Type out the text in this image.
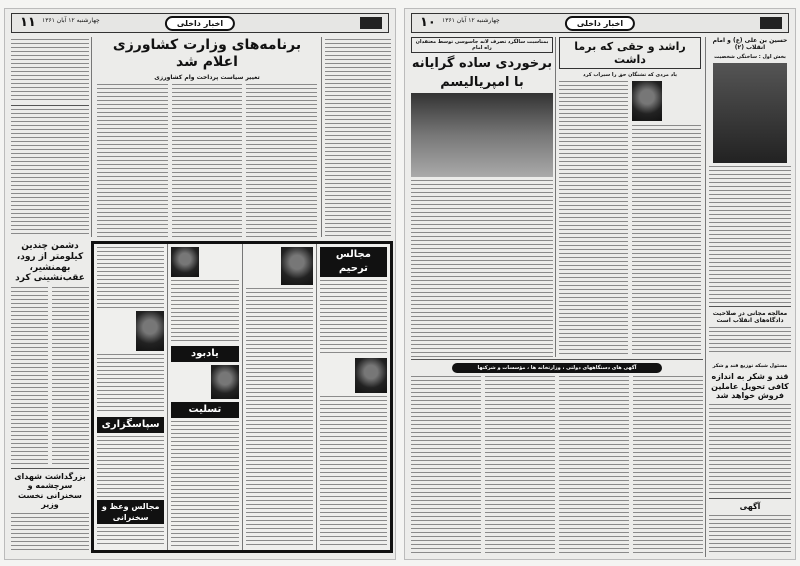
۱۱ چهارشنبه ۱۲ آبان ۱۳۶۱	اخبار داخلی
برنامه‌های وزارت کشاورزی اعلام شد
تغییر سیاست پرداخت وام کشاورزی
دشمن چندین کیلومتر از رود، بهمنشیر، عقب‌نشینی کرد
بزرگداشت شهدای سرچشمه و سخنرانی نخست وزیر
سپاسگزاری
مجالس وعظ و سخنرانی
یادبود
تسلیت
مجالس ترحیم
۱۰ چهارشنبه ۱۲ آبان ۱۳۶۱	اخبار داخلی
بمناسبت سالگرد تصرف لانه جاسوسی توسط معتقدان راه امام
برخوردی ساده گرایانه
با امپریالیسم
راشد و حقی که برما داشت
یاد مردی که تشنگان حق را سیراب کرد
حسین بن علی (ع) و امام انقلاب (۲)
بخش اول : ساختگی شخصیت
معالجه مجانی در صلاحیت دادگاه‌های انقلاب است
آگهی های دستگاههای دولتی ، وزارتخانه ها ، مؤسسات و شرکتها	مسئول شبکه توزیع قند و شکر
قند و شکر به اندازه کافی تحویل عاملین فروش خواهد شد
آگهی
